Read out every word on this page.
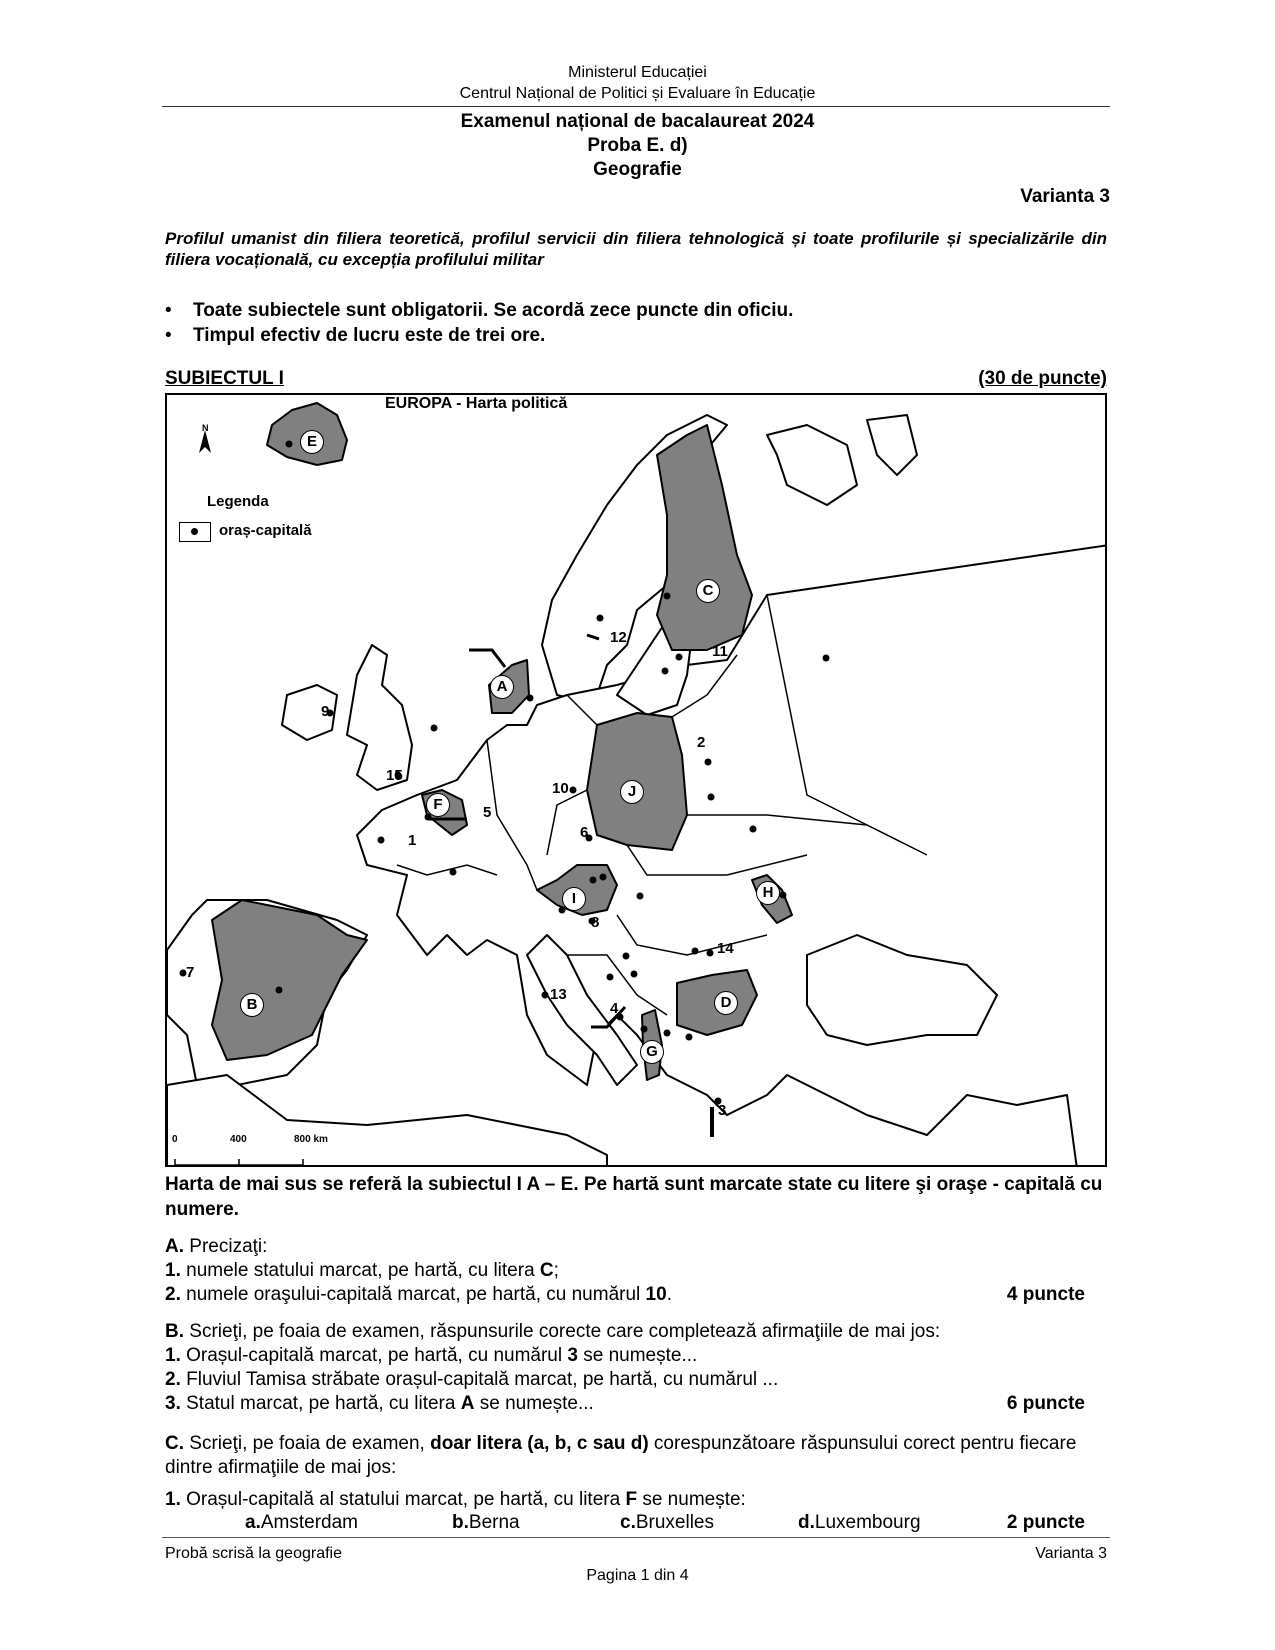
Ministerul Educației
Centrul Național de Politici și Evaluare în Educație
Examenul național de bacalaureat 2024
Proba E. d)
Geografie
Varianta 3
Profilul umanist din filiera teoretică, profilul servicii din filiera tehnologică și toate profilurile și specializările din filiera vocațională, cu excepția profilului militar
• Toate subiectele sunt obligatorii. Se acordă zece puncte din oficiu.
• Timpul efectiv de lucru este de trei ore.
SUBIECTUL I	(30 de puncte)
N
EUROPA - Harta politică
Legenda
oraș-capitală
0	400	800 km
1
2
3
4
5
6
7
8
9
10
11
12
13
14
15
A
B
C
D
E
F
G
H
I
J
Harta de mai sus se referă la subiectul I A – E. Pe hartă sunt marcate state cu litere şi oraşe - capitală cu numere.
A. Precizaţi:
1. numele statului marcat, pe hartă, cu litera C;
2. numele oraşului-capitală marcat, pe hartă, cu numărul 10.	4 puncte
B. Scrieţi, pe foaia de examen, răspunsurile corecte care completează afirmaţiile de mai jos:
1. Orașul-capitală marcat, pe hartă, cu numărul 3 se numește...
2. Fluviul Tamisa străbate orașul-capitală marcat, pe hartă, cu numărul ...
3. Statul marcat, pe hartă, cu litera A se numește...	6 puncte
C. Scrieţi, pe foaia de examen, doar litera (a, b, c sau d) corespunzătoare răspunsului corect pentru fiecare dintre afirmaţiile de mai jos:
1. Orașul-capitală al statului marcat, pe hartă, cu litera F se numește:
a. Amsterdam	b. Berna	c. Bruxelles	d. Luxembourg	2 puncte
Probă scrisă la geografie	Varianta 3
Pagina 1 din 4
